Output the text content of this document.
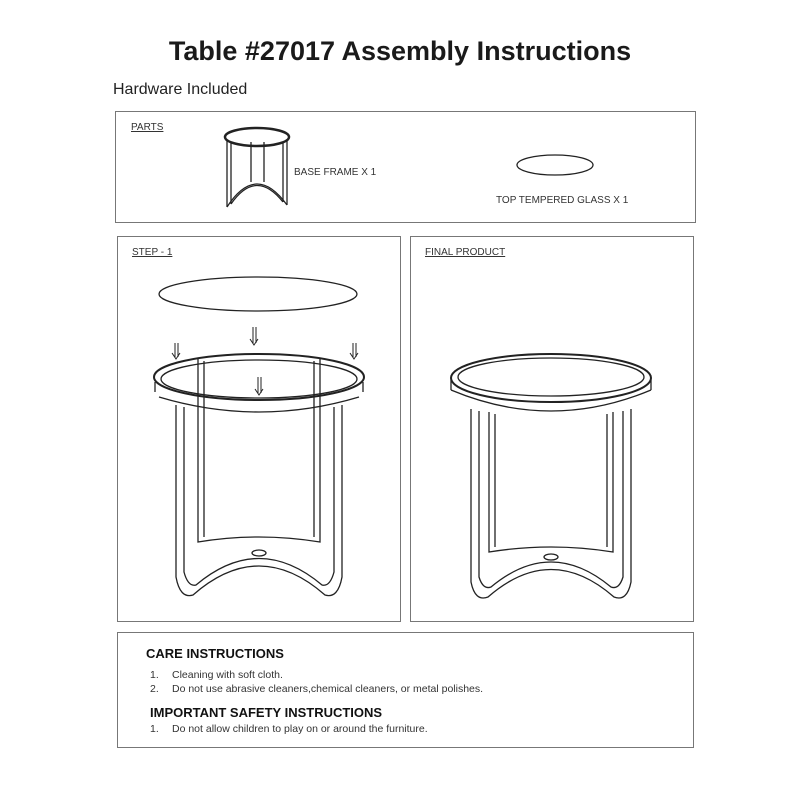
Table #27017 Assembly Instructions
Hardware Included
PARTS
BASE FRAME X 1
TOP TEMPERED GLASS X 1
STEP - 1	FINAL PRODUCT
CARE INSTRUCTIONS
1. Cleaning with soft cloth.
2. Do not use abrasive cleaners,chemical cleaners, or metal polishes.
IMPORTANT SAFETY INSTRUCTIONS
1. Do not allow children to play on or around the furniture.
